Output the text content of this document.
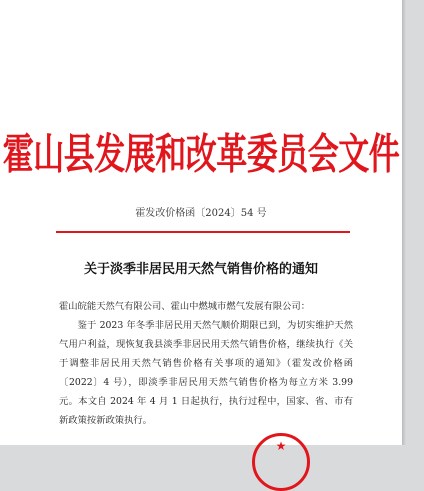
霍山县发展和改革委员会文件
霍发改价格函〔2024〕54 号
关于淡季非居民用天然气销售价格的通知

霍山皖能天然气有限公司、霍山中燃城市燃气发展有限公司：

鉴于 2023 年冬季非居民用天然气顺价期限已到，为切实维护天然气用户利益，现恢复我县淡季非居民用天然气销售价格，继续执行《关于调整非居民用天然气销售价格有关事项的通知》（霍发改价格函〔2022〕4 号），即淡季非居民用天然气销售价格为每立方米 3.99 元。本文自 2024 年 4 月 1 日起执行，执行过程中，国家、省、市有新政策按新政策执行。

★
